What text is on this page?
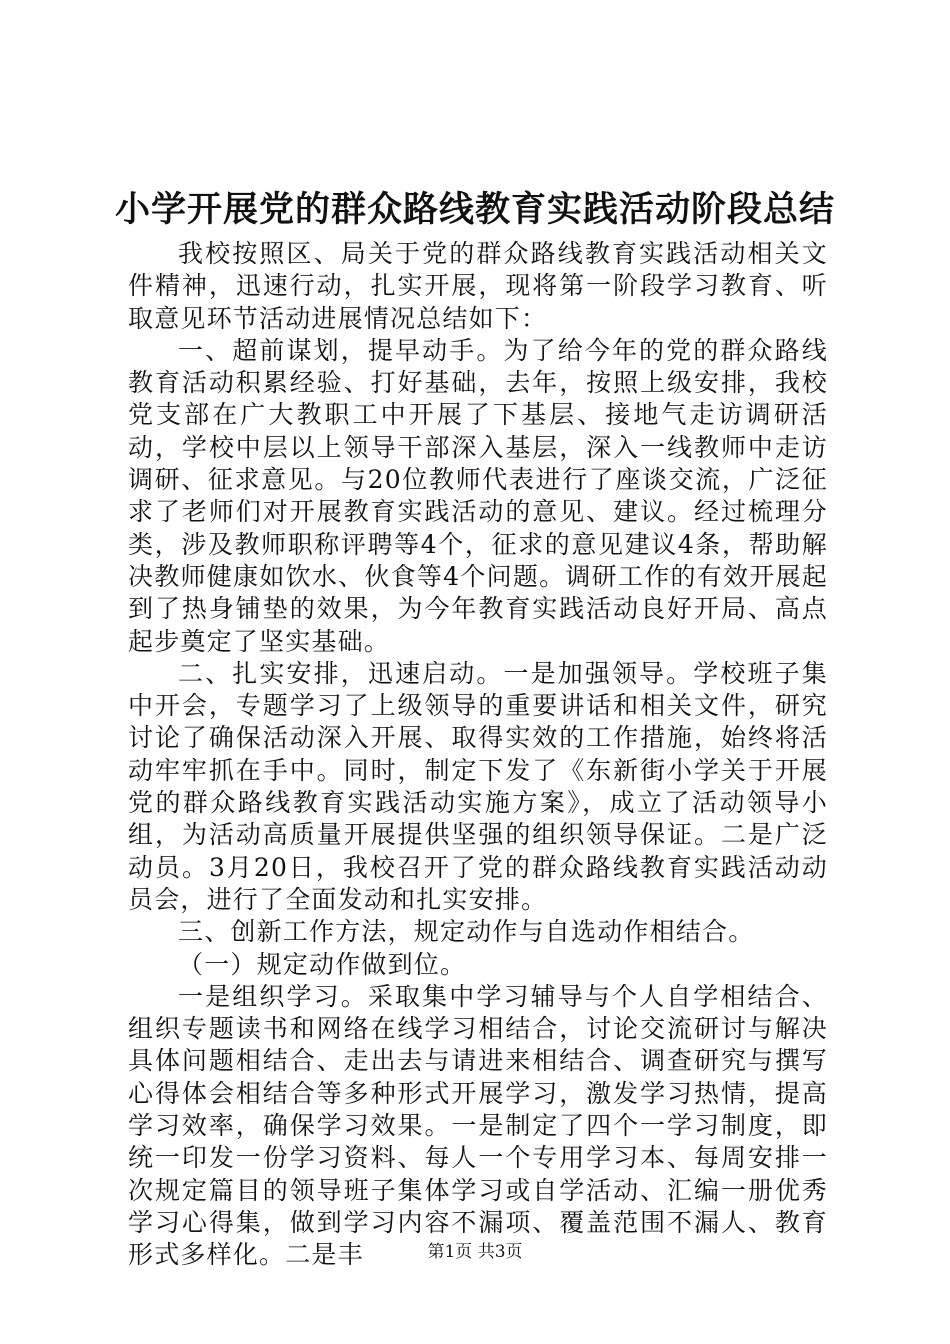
小学开展党的群众路线教育实践活动阶段总结

我校按照区、局关于党的群众路线教育实践活动相关文件精神，迅速行动，扎实开展，现将第一阶段学习教育、听取意见环节活动进展情况总结如下：

一、超前谋划，提早动手。为了给今年的党的群众路线教育活动积累经验、打好基础，去年，按照上级安排，我校党支部在广大教职工中开展了下基层、接地气走访调研活动，学校中层以上领导干部深入基层，深入一线教师中走访调研、征求意见。与20位教师代表进行了座谈交流，广泛征求了老师们对开展教育实践活动的意见、建议。经过梳理分类，涉及教师职称评聘等4个，征求的意见建议4条，帮助解决教师健康如饮水、伙食等4个问题。调研工作的有效开展起到了热身铺垫的效果，为今年教育实践活动良好开局、高点起步奠定了坚实基础。

二、扎实安排，迅速启动。一是加强领导。学校班子集中开会，专题学习了上级领导的重要讲话和相关文件，研究讨论了确保活动深入开展、取得实效的工作措施，始终将活动牢牢抓在手中。同时，制定下发了《东新街小学关于开展党的群众路线教育实践活动实施方案》，成立了活动领导小组，为活动高质量开展提供坚强的组织领导保证。二是广泛动员。3月20日，我校召开了党的群众路线教育实践活动动员会，进行了全面发动和扎实安排。

三、创新工作方法，规定动作与自选动作相结合。

（一）规定动作做到位。

一是组织学习。采取集中学习辅导与个人自学相结合、组织专题读书和网络在线学习相结合，讨论交流研讨与解决具体问题相结合、走出去与请进来相结合、调查研究与撰写心得体会相结合等多种形式开展学习，激发学习热情，提高学习效率，确保学习效果。一是制定了四个一学习制度，即统一印发一份学习资料、每人一个专用学习本、每周安排一次规定篇目的领导班子集体学习或自学活动、汇编一册优秀学习心得集，做到学习内容不漏项、覆盖范围不漏人、教育形式多样化。二是丰	第1页 共3页
